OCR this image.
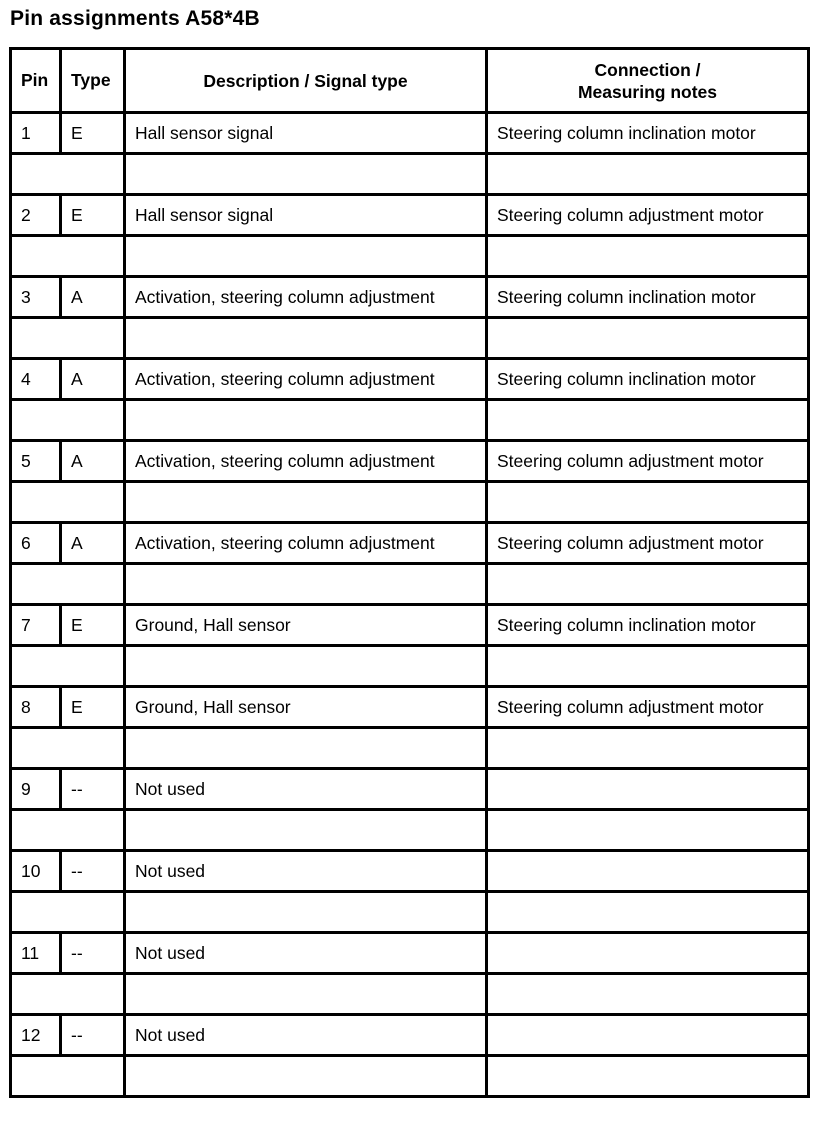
Pin assignments A58*4B
Pin	Type	Description / Signal type	Connection /
Measuring notes
1	E	Hall sensor signal	Steering column inclination motor

2	E	Hall sensor signal	Steering column adjustment motor

3	A	Activation, steering column adjustment	Steering column inclination motor

4	A	Activation, steering column adjustment	Steering column inclination motor

5	A	Activation, steering column adjustment	Steering column adjustment motor

6	A	Activation, steering column adjustment	Steering column adjustment motor

7	E	Ground, Hall sensor	Steering column inclination motor

8	E	Ground, Hall sensor	Steering column adjustment motor

9	--	Not used	

10	--	Not used	

11	--	Not used	

12	--	Not used	
